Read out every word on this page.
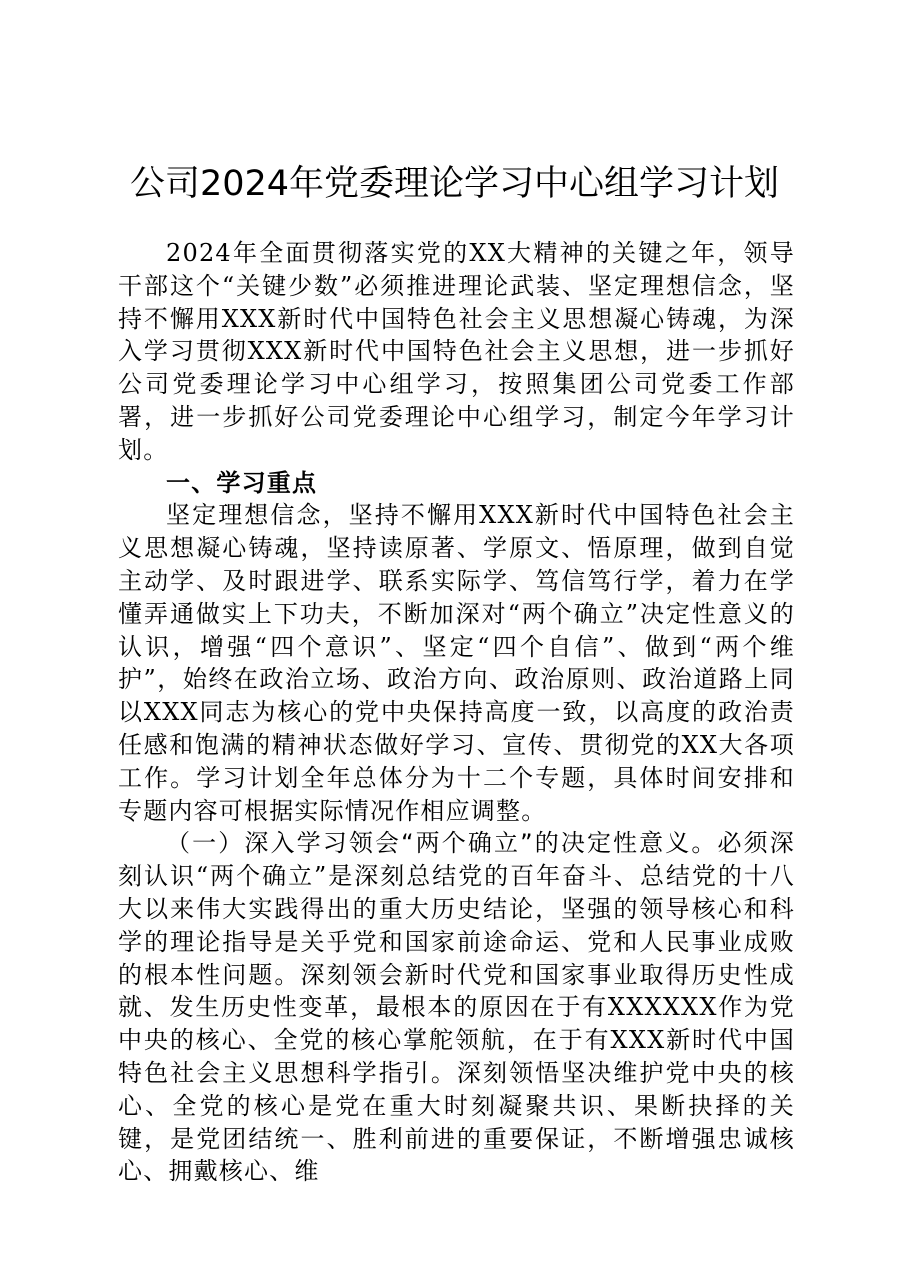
公司2024年党委理论学习中心组学习计划

2024年全面贯彻落实党的XX大精神的关键之年，领导干部这个“关键少数”必须推进理论武装、坚定理想信念，坚持不懈用XXX新时代中国特色社会主义思想凝心铸魂，为深入学习贯彻XXX新时代中国特色社会主义思想，进一步抓好公司党委理论学习中心组学习，按照集团公司党委工作部署，进一步抓好公司党委理论中心组学习，制定今年学习计划。

一、学习重点

坚定理想信念，坚持不懈用XXX新时代中国特色社会主义思想凝心铸魂，坚持读原著、学原文、悟原理，做到自觉主动学、及时跟进学、联系实际学、笃信笃行学，着力在学懂弄通做实上下功夫，不断加深对“两个确立”决定性意义的认识，增强“四个意识”、坚定“四个自信”、做到“两个维护”，始终在政治立场、政治方向、政治原则、政治道路上同以XXX同志为核心的党中央保持高度一致，以高度的政治责任感和饱满的精神状态做好学习、宣传、贯彻党的XX大各项工作。学习计划全年总体分为十二个专题，具体时间安排和专题内容可根据实际情况作相应调整。

（一）深入学习领会“两个确立”的决定性意义。必须深刻认识“两个确立”是深刻总结党的百年奋斗、总结党的十八大以来伟大实践得出的重大历史结论，坚强的领导核心和科学的理论指导是关乎党和国家前途命运、党和人民事业成败的根本性问题。深刻领会新时代党和国家事业取得历史性成就、发生历史性变革，最根本的原因在于有XXXXXX作为党中央的核心、全党的核心掌舵领航，在于有XXX新时代中国特色社会主义思想科学指引。深刻领悟坚决维护党中央的核心、全党的核心是党在重大时刻凝聚共识、果断抉择的关键，是党团结统一、胜利前进的重要保证，不断增强忠诚核心、拥戴核心、维
